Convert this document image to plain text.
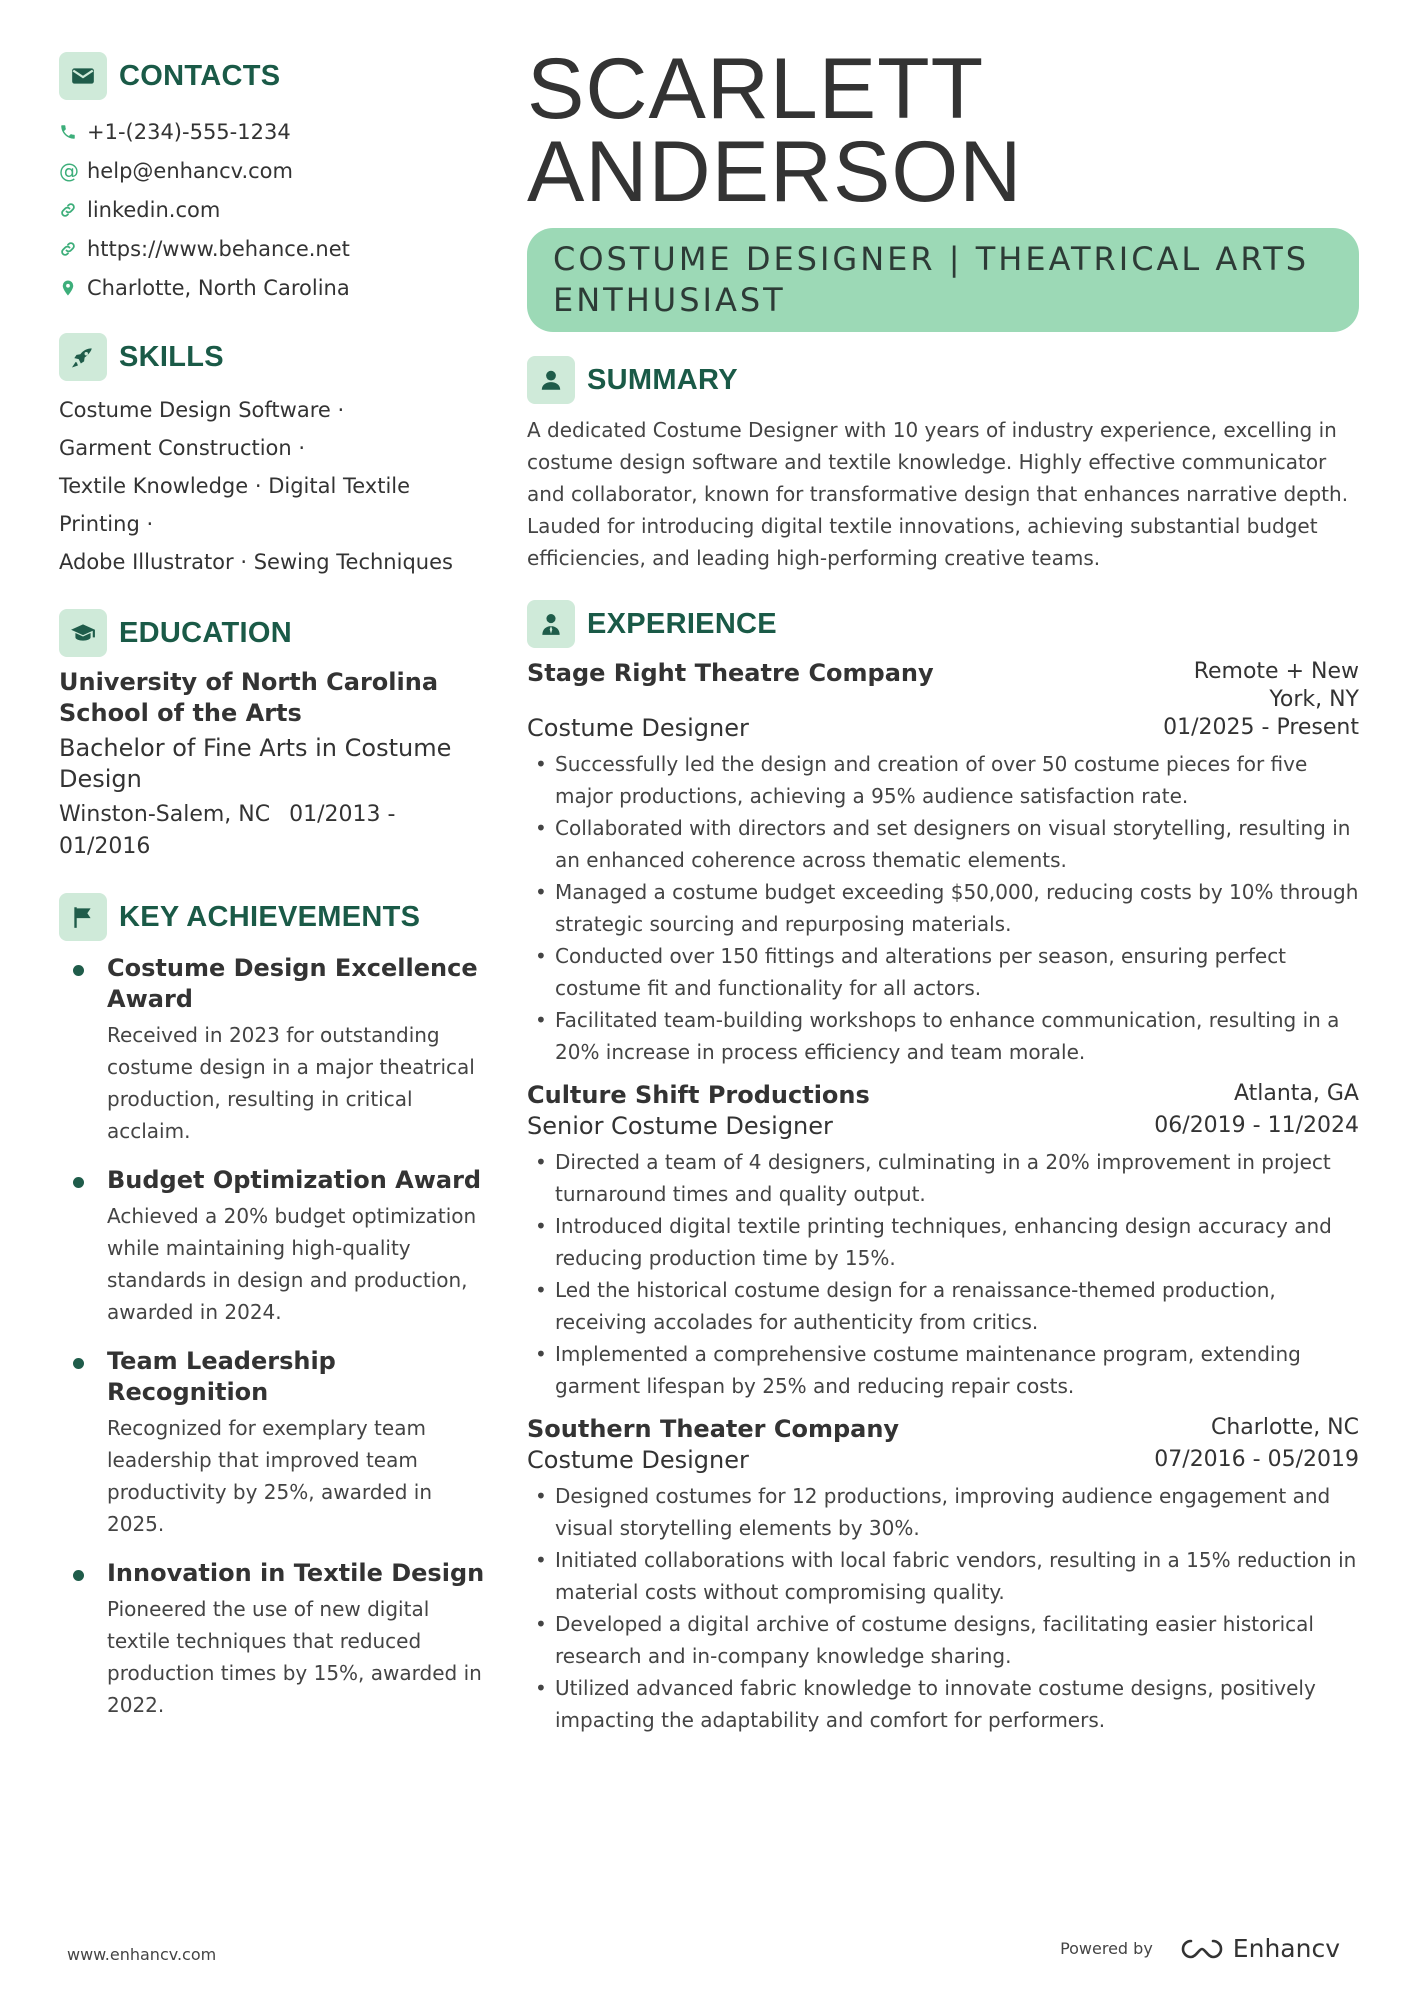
CONTACTS
+1-(234)-555-1234
@ help@enhancv.com
linkedin.com
https://www.behance.net
Charlotte, North Carolina
SKILLS
Costume Design Software ·
Garment Construction ·
Textile Knowledge · Digital Textile Printing ·
Adobe Illustrator · Sewing Techniques
EDUCATION
University of North Carolina School of the Arts
Bachelor of Fine Arts in Costume Design
Winston-Salem, NC 01/2013 - 01/2016
KEY ACHIEVEMENTS
Costume Design Excellence Award
Received in 2023 for outstanding costume design in a major theatrical production, resulting in critical acclaim.
Budget Optimization Award
Achieved a 20% budget optimization while maintaining high-quality standards in design and production, awarded in 2024.
Team Leadership Recognition
Recognized for exemplary team leadership that improved team productivity by 25%, awarded in 2025.
Innovation in Textile Design
Pioneered the use of new digital textile techniques that reduced production times by 15%, awarded in 2022.
SCARLETT
ANDERSON
COSTUME DESIGNER | THEATRICAL ARTS ENTHUSIAST
SUMMARY
A dedicated Costume Designer with 10 years of industry experience, excelling in costume design software and textile knowledge. Highly effective communicator and collaborator, known for transformative design that enhances narrative depth. Lauded for introducing digital textile innovations, achieving substantial budget efficiencies, and leading high-performing creative teams.
EXPERIENCE
Stage Right Theatre Company	Remote + New York, NY
Costume Designer	01/2025 - Present
• Successfully led the design and creation of over 50 costume pieces for five major productions, achieving a 95% audience satisfaction rate.
• Collaborated with directors and set designers on visual storytelling, resulting in an enhanced coherence across thematic elements.
• Managed a costume budget exceeding $50,000, reducing costs by 10% through strategic sourcing and repurposing materials.
• Conducted over 150 fittings and alterations per season, ensuring perfect costume fit and functionality for all actors.
• Facilitated team-building workshops to enhance communication, resulting in a 20% increase in process efficiency and team morale.
Culture Shift Productions	Atlanta, GA
Senior Costume Designer	06/2019 - 11/2024
• Directed a team of 4 designers, culminating in a 20% improvement in project turnaround times and quality output.
• Introduced digital textile printing techniques, enhancing design accuracy and reducing production time by 15%.
• Led the historical costume design for a renaissance-themed production, receiving accolades for authenticity from critics.
• Implemented a comprehensive costume maintenance program, extending garment lifespan by 25% and reducing repair costs.
Southern Theater Company	Charlotte, NC
Costume Designer	07/2016 - 05/2019
• Designed costumes for 12 productions, improving audience engagement and visual storytelling elements by 30%.
• Initiated collaborations with local fabric vendors, resulting in a 15% reduction in material costs without compromising quality.
• Developed a digital archive of costume designs, facilitating easier historical research and in-company knowledge sharing.
• Utilized advanced fabric knowledge to innovate costume designs, positively impacting the adaptability and comfort for performers.
www.enhancv.com	Powered by	Enhancv
